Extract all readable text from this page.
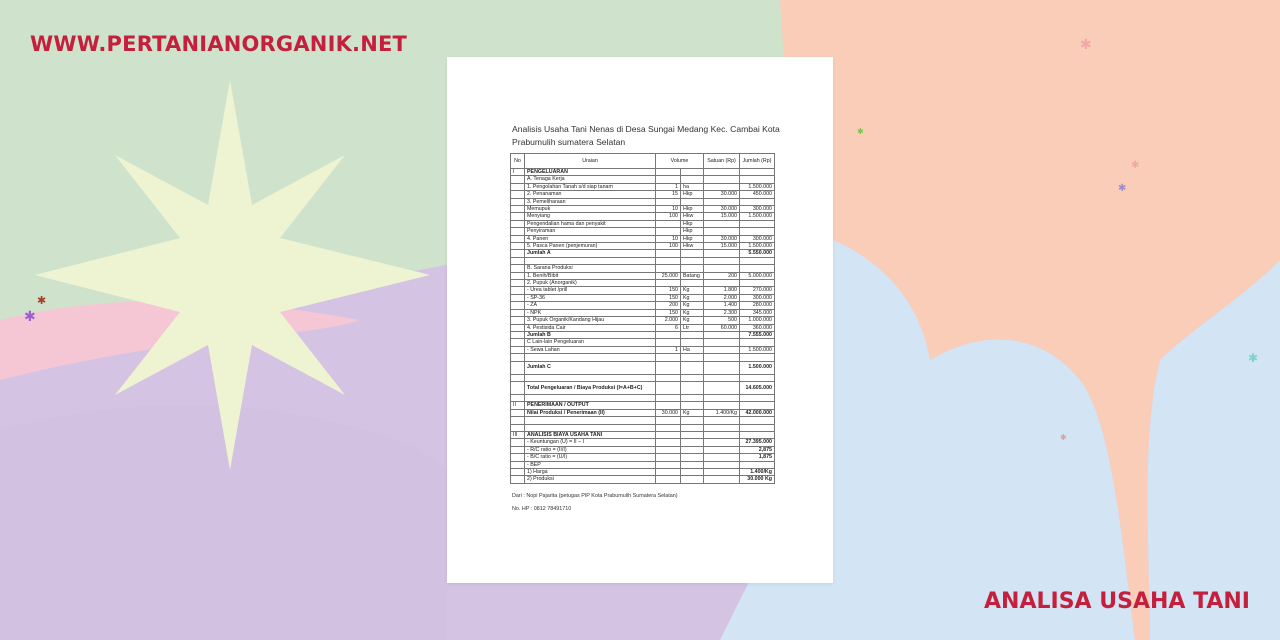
✱
✱
✱
✱
✱
✱
✱
✱
WWW.PERTANIANORGANIK.NET
Analisis Usaha Tani Nenas di Desa Sungai Medang Kec. Cambai Kota Prabumulih sumatera Selatan
No	Uraian	Volume		Satuan (Rp)	Jumlah (Rp)
I	PENGELUARAN				
	A. Tenaga Kerja				
	1. Pengolahan Tanah s/d siap tanam	1	ha		1.500.000
	2. Penanaman	15	Hkp	30.000	450.000
	3. Pemeliharaan				
	Memupuk	10	Hkp	30.000	300.000
	Menyiang	100	Hkw	15.000	1.500.000
	Pengendalian hama dan penyakit		Hkp		
	Penyiraman		Hkp		
	4. Panen	10	Hkp	30.000	300.000
	5. Pasca Panen (penjemuran)	100	Hkw	15.000	1.500.000
	Jumlah A				5.550.000

	B. Sarana Produksi				
	1. Benih/Bibit	25.000	Batang	200	5.000.000
	2. Pupuk (Anorganik)				
	- Urea tablet /prill	150	Kg	1.800	270.000
	- SP-36	150	Kg	2.000	300.000
	- ZA	200	Kg	1.400	280.000
	- NPK	150	Kg	2.300	345.000
	3. Pupuk Organik/Kandang Hijau	2.000	Kg	500	1.000.000
	4. Pestisida Cair	6	Ltr	60.000	360.000
	Jumlah B				7.555.000
	C Lain-lain Pengeluaran				
	- Sewa Lahan	1	Ha		1.500.000

	Jumlah C				1.500.000

	Total Pengeluaran / Biaya Produksi (I=A+B+C)				14.605.000

II	PENERIMAAN / OUTPUT				
	Nilai Produksi / Penerimaan (II)	30.000	Kg	1.400/Kg	42.000.000

III	ANALISIS BIAYA USAHA TANI				
	- Keuntungan (U) = II – I				27.395.000
	- R/C ratio = (II/I)				2,875
	- B/C ratio = (U/I)				1,875
	- BEP				
	1) Harga				1.400/Kg
	2) Produksi				30.000 Kg
Dari : Nopi Pajarita (petugas PIP Kota Prabumulih Sumatera Selatan)
No. HP : 0812 78491710
ANALISA USAHA TANI
